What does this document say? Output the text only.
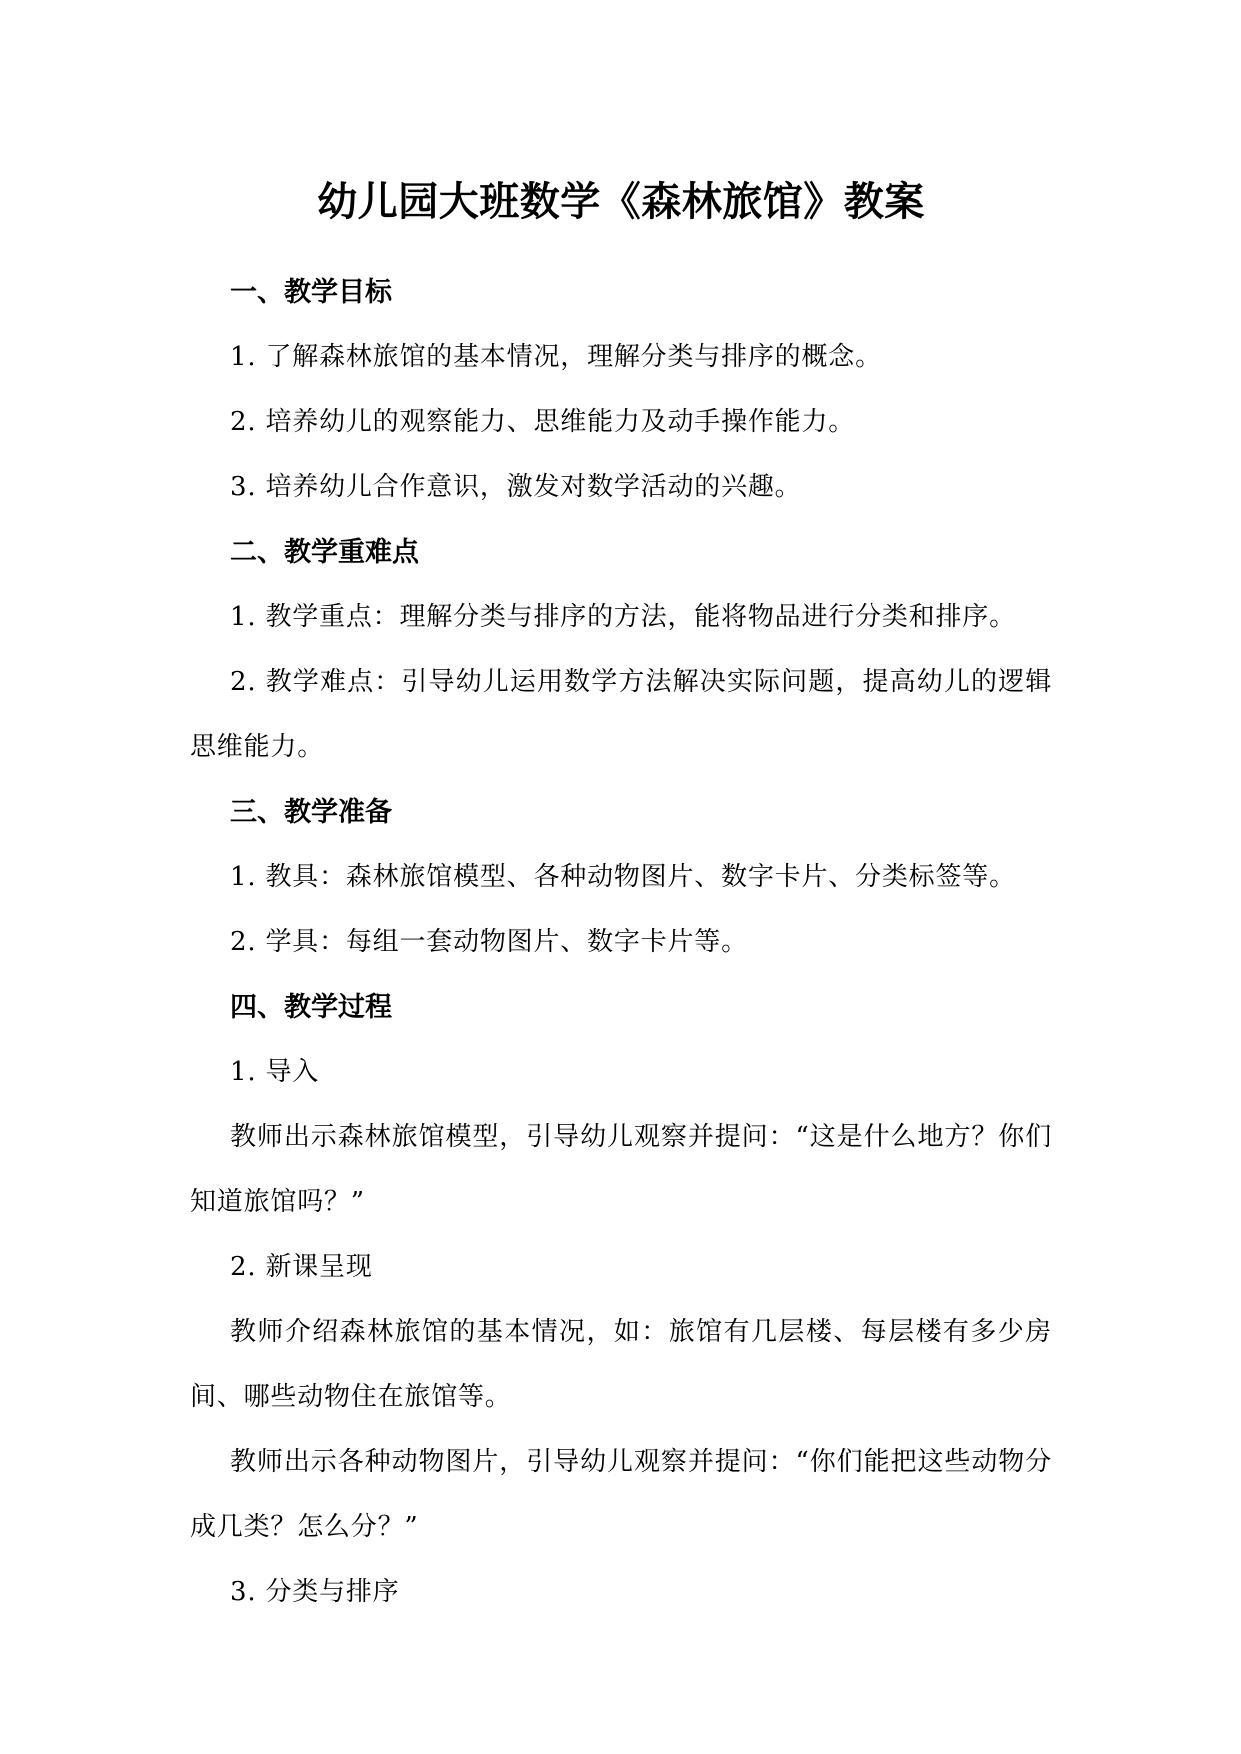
幼儿园大班数学《森林旅馆》教案

一、教学目标

1. 了解森林旅馆的基本情况，理解分类与排序的概念。

2. 培养幼儿的观察能力、思维能力及动手操作能力。

3. 培养幼儿合作意识，激发对数学活动的兴趣。

二、教学重难点

1. 教学重点：理解分类与排序的方法，能将物品进行分类和排序。

2. 教学难点：引导幼儿运用数学方法解决实际问题，提高幼儿的逻辑思维能力。

三、教学准备

1. 教具：森林旅馆模型、各种动物图片、数字卡片、分类标签等。

2. 学具：每组一套动物图片、数字卡片等。

四、教学过程

1. 导入

教师出示森林旅馆模型，引导幼儿观察并提问：“这是什么地方？你们知道旅馆吗？”

2. 新课呈现

教师介绍森林旅馆的基本情况，如：旅馆有几层楼、每层楼有多少房间、哪些动物住在旅馆等。

教师出示各种动物图片，引导幼儿观察并提问：“你们能把这些动物分成几类？怎么分？”

3. 分类与排序
